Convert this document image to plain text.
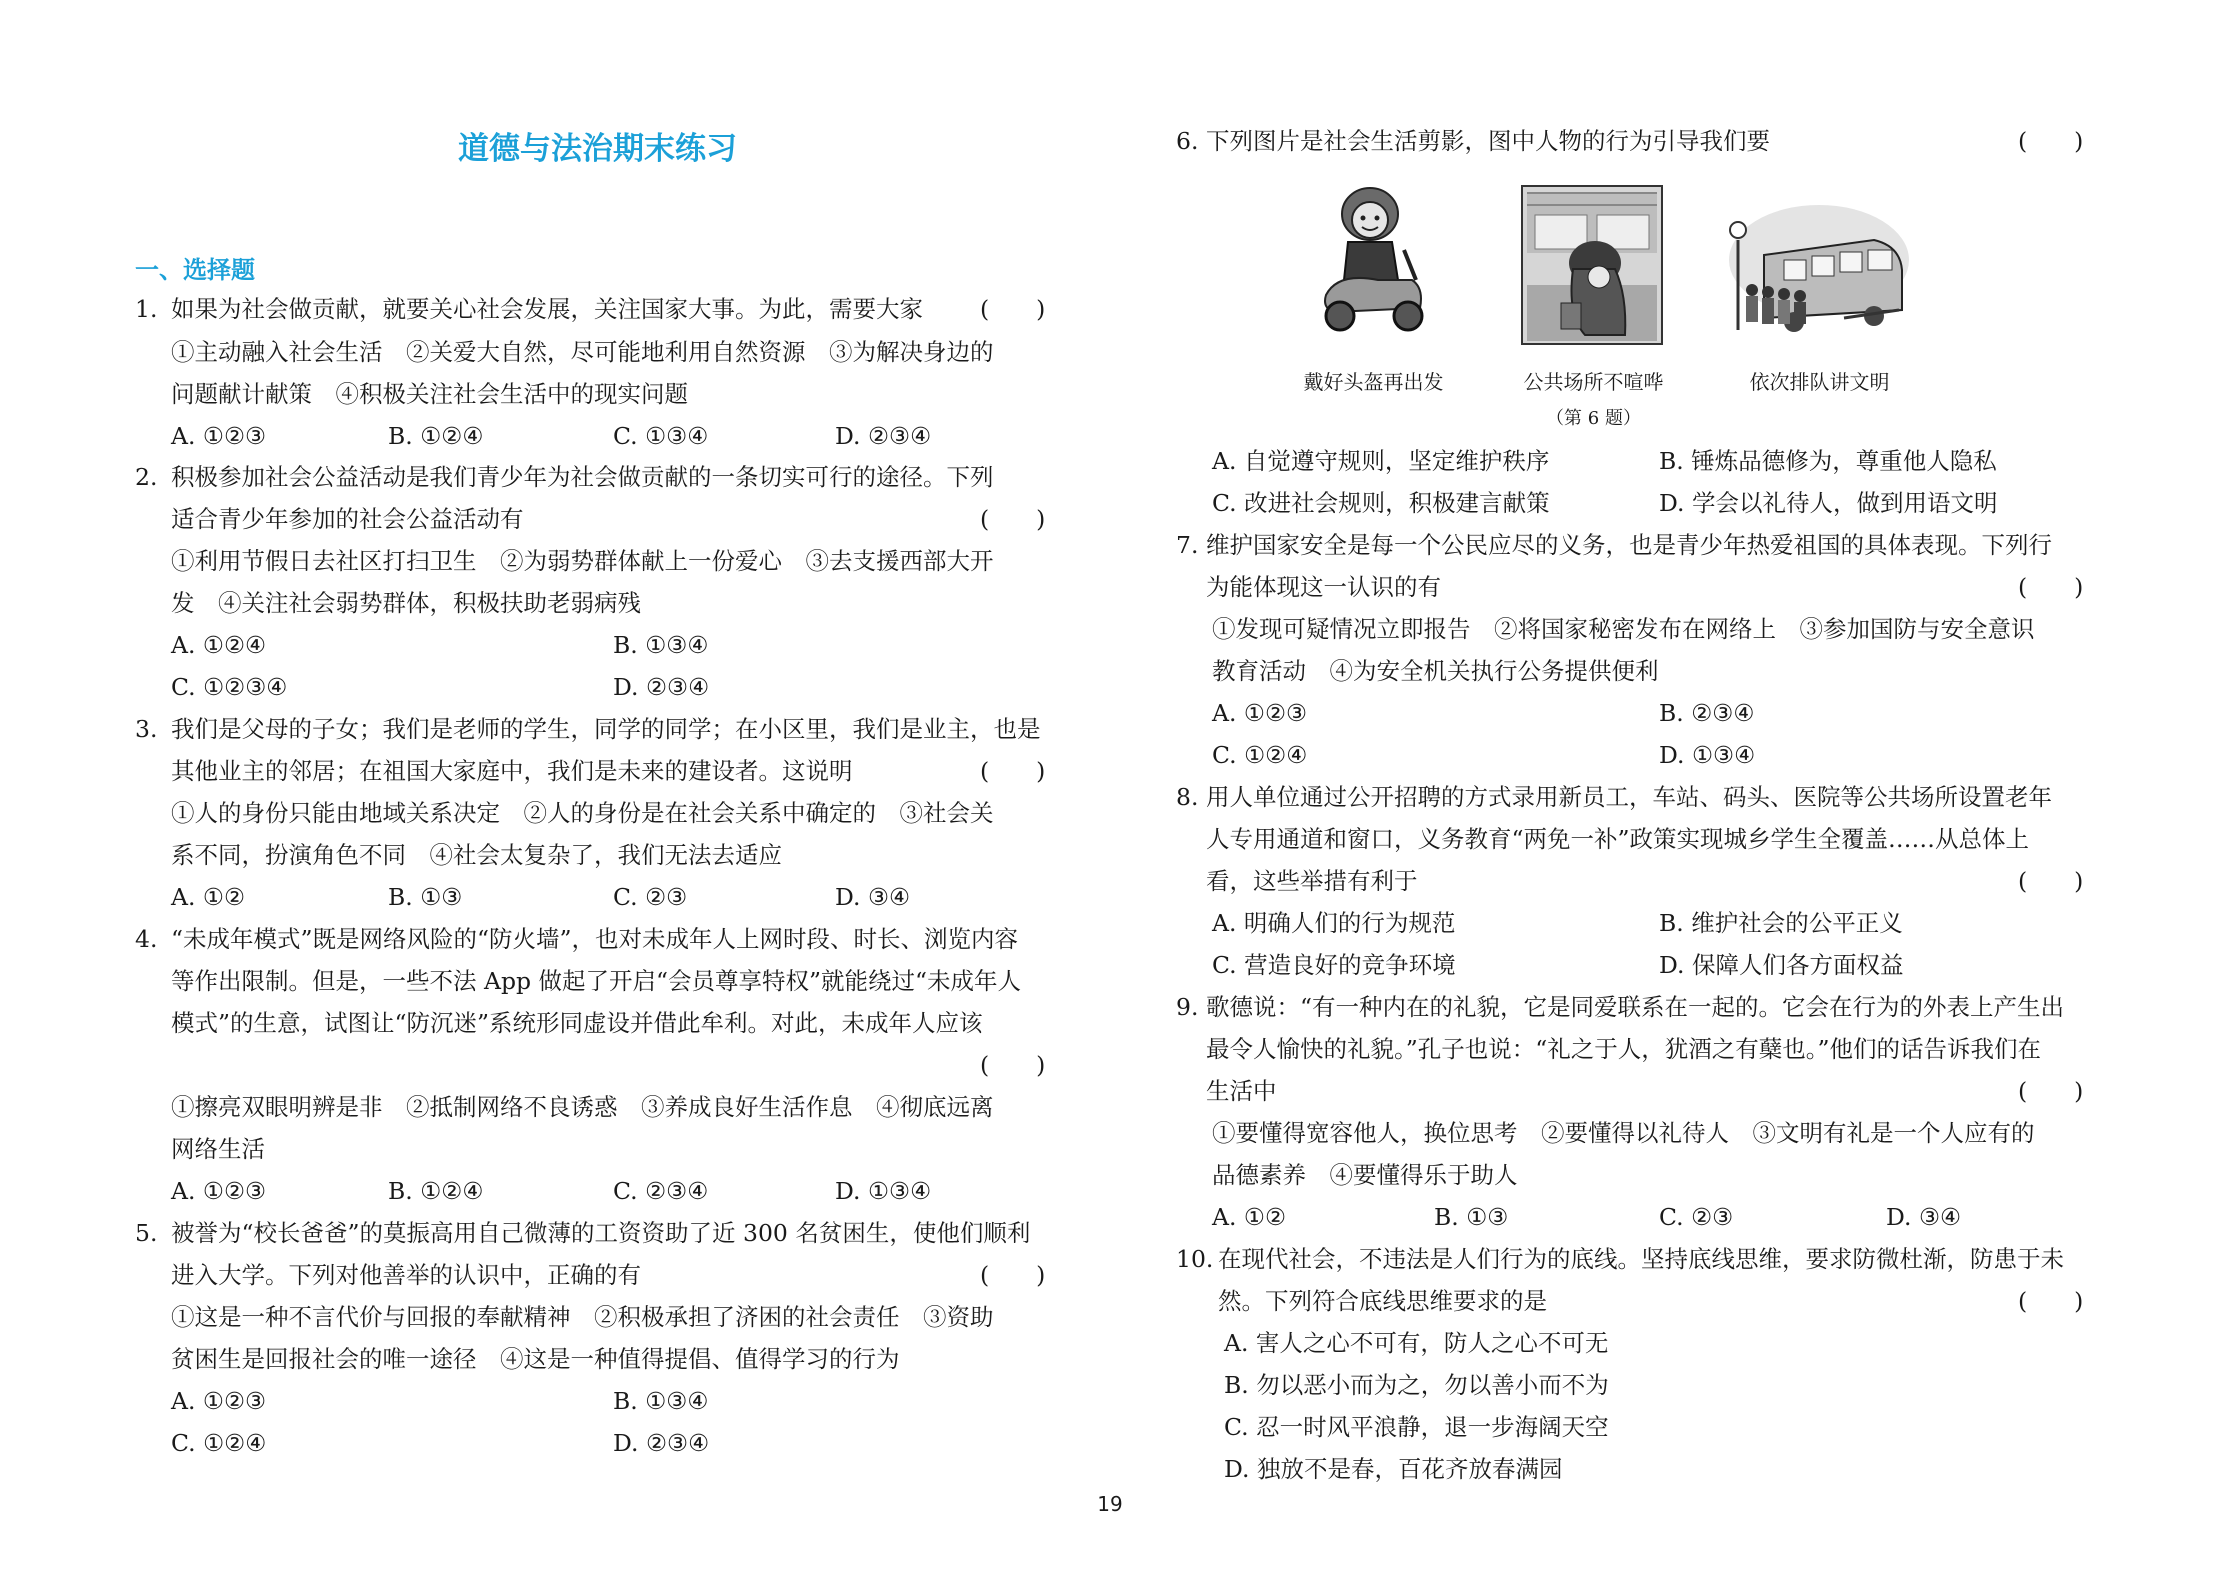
道德与法治期末练习
一、选择题
1. 如果为社会做贡献，就要关心社会发展，关注国家大事。为此，需要大家 (　　)
①主动融入社会生活　②关爱大自然，尽可能地利用自然资源　③为解决身边的
问题献计献策　④积极关注社会生活中的现实问题
A. ①②③	B. ①②④	C. ①③④	D. ②③④
2. 积极参加社会公益活动是我们青少年为社会做贡献的一条切实可行的途径。下列
适合青少年参加的社会公益活动有	(　　)
①利用节假日去社区打扫卫生　②为弱势群体献上一份爱心　③去支援西部大开
发　④关注社会弱势群体，积极扶助老弱病残
A. ①②④	B. ①③④
C. ①②③④	D. ②③④
3. 我们是父母的子女；我们是老师的学生，同学的同学；在小区里，我们是业主，也是
其他业主的邻居；在祖国大家庭中，我们是未来的建设者。这说明	(　　)
①人的身份只能由地域关系决定　②人的身份是在社会关系中确定的　③社会关
系不同，扮演角色不同　④社会太复杂了，我们无法去适应
A. ①②	B. ①③	C. ②③	D. ③④
4. “未成年模式”既是网络风险的“防火墙”，也对未成年人上网时段、时长、浏览内容
等作出限制。但是，一些不法 App 做起了开启“会员尊享特权”就能绕过“未成年人
模式”的生意，试图让“防沉迷”系统形同虚设并借此牟利。对此，未成年人应该
(　　)
①擦亮双眼明辨是非　②抵制网络不良诱惑　③养成良好生活作息　④彻底远离
网络生活
A. ①②③	B. ①②④	C. ②③④	D. ①③④
5. 被誉为“校长爸爸”的莫振高用自己微薄的工资资助了近 300 名贫困生，使他们顺利
进入大学。下列对他善举的认识中，正确的有	(　　)
①这是一种不言代价与回报的奉献精神　②积极承担了济困的社会责任　③资助
贫困生是回报社会的唯一途径　④这是一种值得提倡、值得学习的行为
A. ①②③	B. ①③④
C. ①②④	D. ②③④
6. 下列图片是社会生活剪影，图中人物的行为引导我们要	(　　)
戴好头盔再出发	公共场所不喧哗	依次排队讲文明
（第 6 题）
A. 自觉遵守规则，坚定维护秩序	B. 锤炼品德修为，尊重他人隐私
C. 改进社会规则，积极建言献策	D. 学会以礼待人，做到用语文明
7. 维护国家安全是每一个公民应尽的义务，也是青少年热爱祖国的具体表现。下列行
为能体现这一认识的有	(　　)
①发现可疑情况立即报告　②将国家秘密发布在网络上　③参加国防与安全意识
教育活动　④为安全机关执行公务提供便利
A. ①②③	B. ②③④
C. ①②④	D. ①③④
8. 用人单位通过公开招聘的方式录用新员工，车站、码头、医院等公共场所设置老年
人专用通道和窗口，义务教育“两免一补”政策实现城乡学生全覆盖……从总体上
看，这些举措有利于	(　　)
A. 明确人们的行为规范	B. 维护社会的公平正义
C. 营造良好的竞争环境	D. 保障人们各方面权益
9. 歌德说：“有一种内在的礼貌，它是同爱联系在一起的。它会在行为的外表上产生出
最令人愉快的礼貌。”孔子也说：“礼之于人，犹酒之有蘖也。”他们的话告诉我们在
生活中	(　　)
①要懂得宽容他人，换位思考　②要懂得以礼待人　③文明有礼是一个人应有的
品德素养　④要懂得乐于助人
A. ①②	B. ①③	C. ②③	D. ③④
10. 在现代社会，不违法是人们行为的底线。坚持底线思维，要求防微杜渐，防患于未
然。下列符合底线思维要求的是	(　　)
A. 害人之心不可有，防人之心不可无
B. 勿以恶小而为之，勿以善小而不为
C. 忍一时风平浪静，退一步海阔天空
D. 独放不是春，百花齐放春满园
19
